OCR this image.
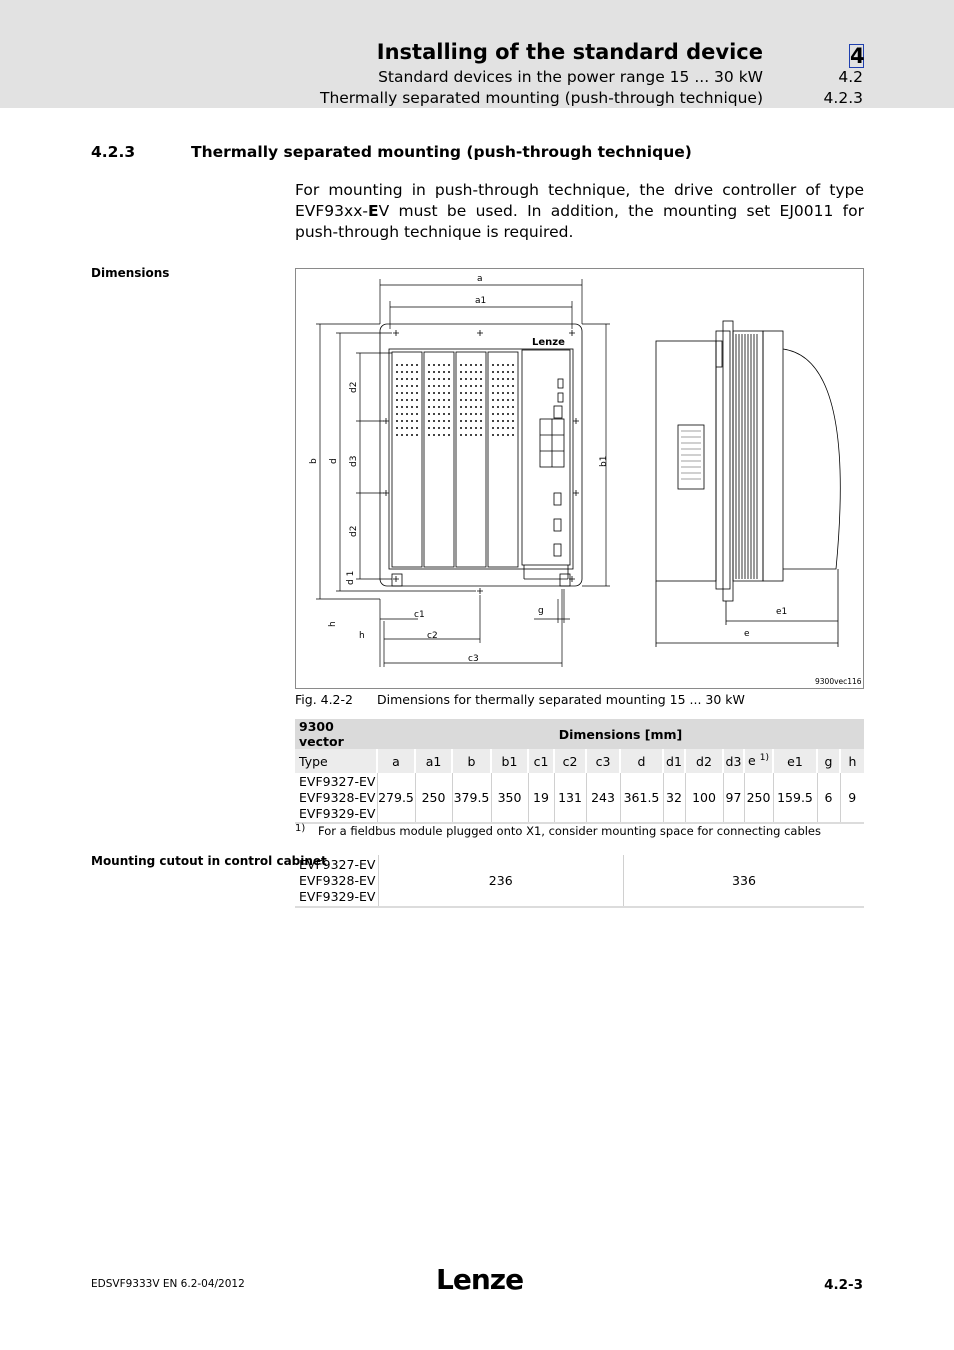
Installing of the standard device	4
Standard devices in the power range 15 ... 30 kW	4.2
Thermally separated mounting (push-through technique)	4.2.3
4.2.3	Thermally separated mounting (push-through technique)
For mounting in push-through technique, the drive controller of type EVF93xx-EV must be used. In addition, the mounting set EJ0011 for push-through technique is required.
Dimensions
Lenze
a
a1
b d
d2
d3
d2
d 1
b1
h
c1
h	c2
c3
g	e1
e
9300vec116
Fig. 4.2-2 Dimensions for thermally separated mounting 15 ... 30 kW
9300 vector	Dimensions [mm]														
Type	a	a1	b	b1	c1	c2	c3	d	d1	d2	d3	e $^{1)}$	e1	g	h
EVF9327-EV
EVF9328-EV
EVF9329-EV	279.5	250	379.5	350	19	131	243	361.5	32	100	97	250	159.5	6	9
1) For a fieldbus module plugged onto X1, consider mounting space for connecting cables
Mounting cutout in control cabinet
EVF9327-EV
EVF9328-EV
EVF9329-EV	236	336
EDSVF9333V EN 6.2-04/2012	Lenze	4.2-3
